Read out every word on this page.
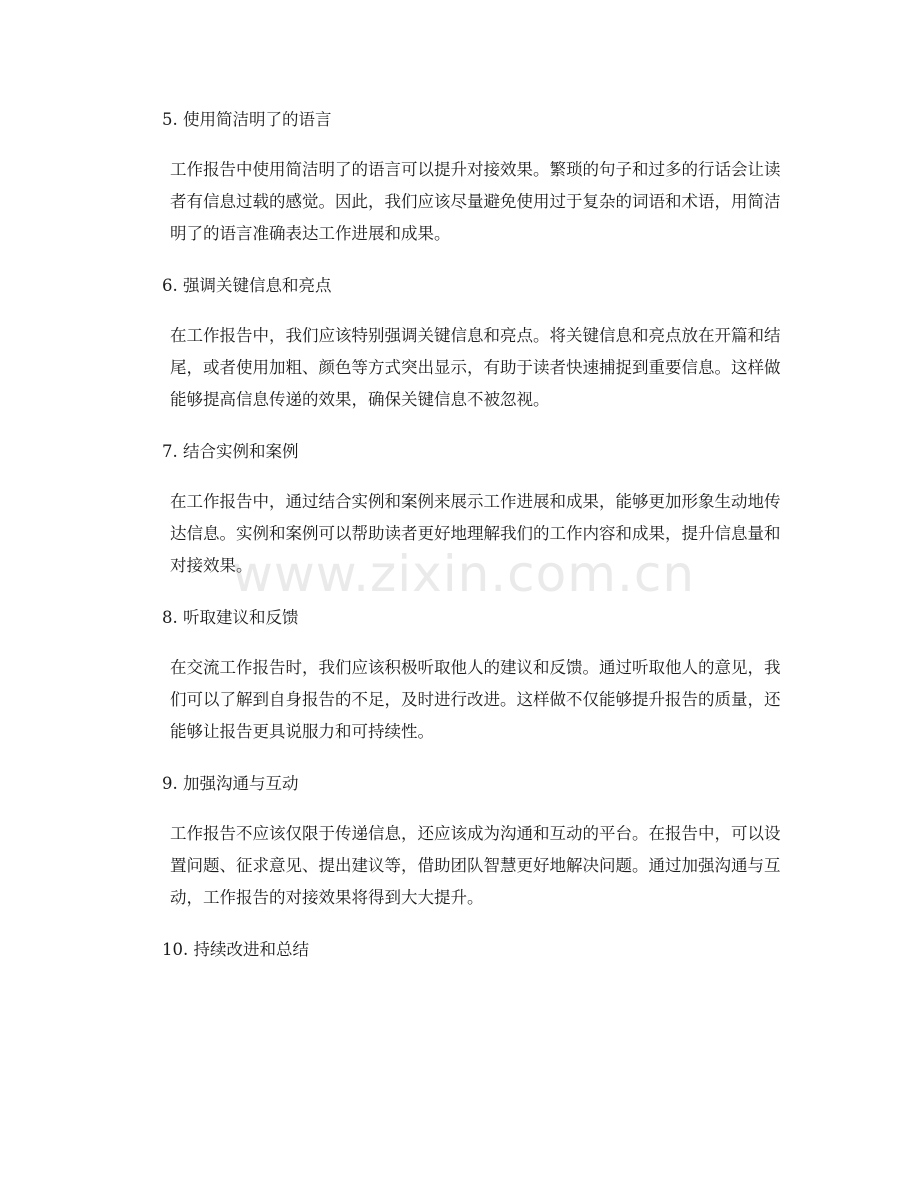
5. 使用简洁明了的语言

工作报告中使用简洁明了的语言可以提升对接效果。繁琐的句子和过多的行话会让读者有信息过载的感觉。因此，我们应该尽量避免使用过于复杂的词语和术语，用简洁明了的语言准确表达工作进展和成果。

6. 强调关键信息和亮点

在工作报告中，我们应该特别强调关键信息和亮点。将关键信息和亮点放在开篇和结尾，或者使用加粗、颜色等方式突出显示，有助于读者快速捕捉到重要信息。这样做能够提高信息传递的效果，确保关键信息不被忽视。

7. 结合实例和案例

在工作报告中，通过结合实例和案例来展示工作进展和成果，能够更加形象生动地传达信息。实例和案例可以帮助读者更好地理解我们的工作内容和成果，提升信息量和对接效果。

8. 听取建议和反馈

在交流工作报告时，我们应该积极听取他人的建议和反馈。通过听取他人的意见，我们可以了解到自身报告的不足，及时进行改进。这样做不仅能够提升报告的质量，还能够让报告更具说服力和可持续性。

9. 加强沟通与互动

工作报告不应该仅限于传递信息，还应该成为沟通和互动的平台。在报告中，可以设置问题、征求意见、提出建议等，借助团队智慧更好地解决问题。通过加强沟通与互动，工作报告的对接效果将得到大大提升。

10. 持续改进和总结
www.zixin.com.cn
